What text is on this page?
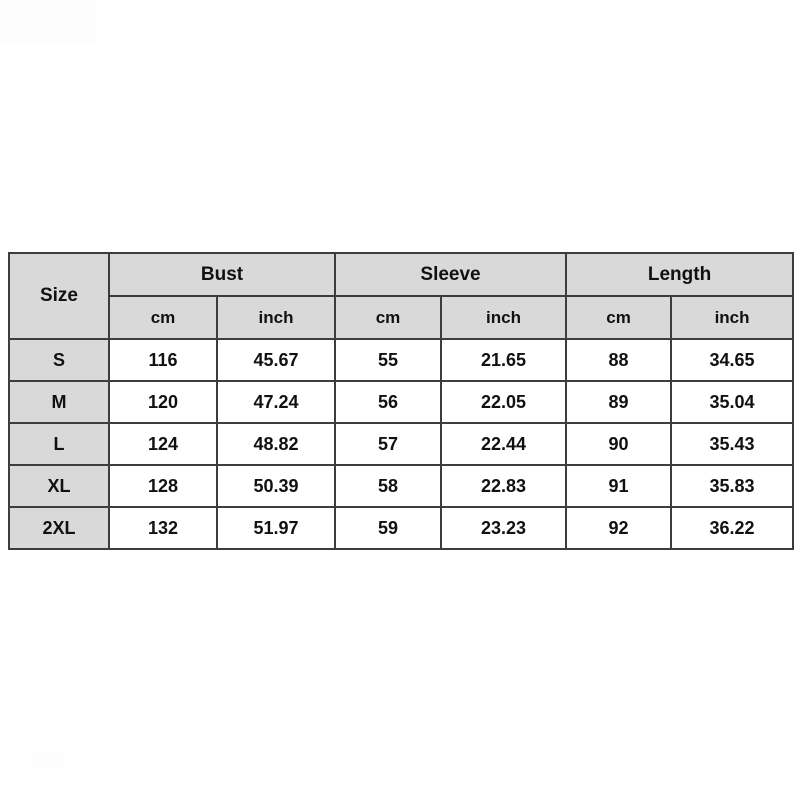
Size	Bust		Sleeve		Length	
	cm	inch	cm	inch	cm	inch
S	116	45.67	55	21.65	88	34.65
M	120	47.24	56	22.05	89	35.04
L	124	48.82	57	22.44	90	35.43
XL	128	50.39	58	22.83	91	35.83
2XL	132	51.97	59	23.23	92	36.22
